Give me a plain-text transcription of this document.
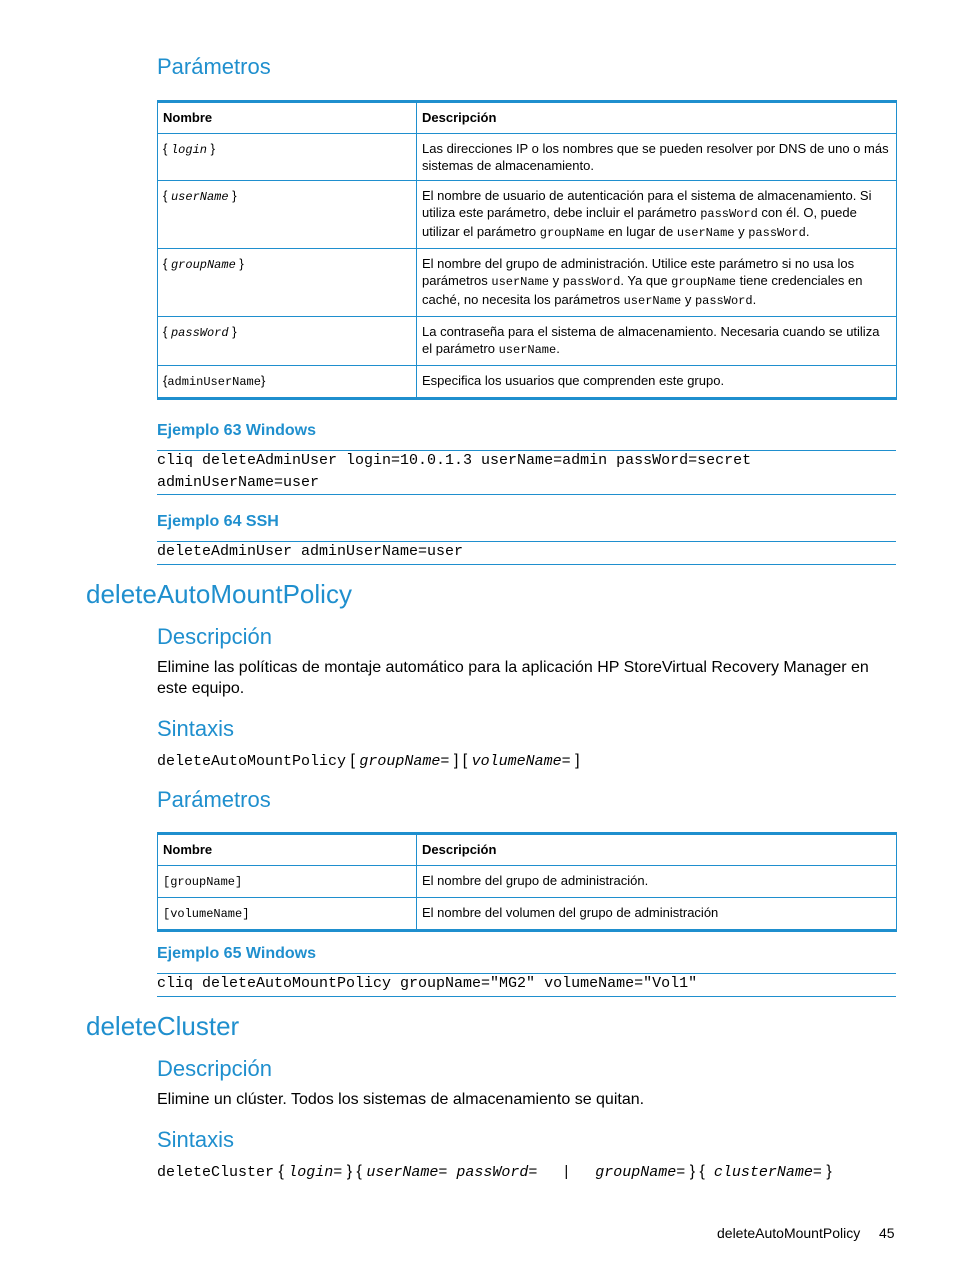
Parámetros
Nombre	Descripción
{ login }	Las direcciones IP o los nombres que se pueden resolver por DNS de uno o más sistemas de almacenamiento.
{ userName }	El nombre de usuario de autenticación para el sistema de almacenamiento. Si utiliza este parámetro, debe incluir el parámetro passWord con él. O, puede utilizar el parámetro groupName en lugar de userName y passWord.
{ groupName }	El nombre del grupo de administración. Utilice este parámetro si no usa los parámetros userName y passWord. Ya que groupName tiene credenciales en caché, no necesita los parámetros userName y passWord.
{ passWord }	La contraseña para el sistema de almacenamiento. Necesaria cuando se utiliza el parámetro userName.
{adminUserName}	Especifica los usuarios que comprenden este grupo.
Ejemplo 63 Windows
cliq deleteAdminUser login=10.0.1.3 userName=admin passWord=secret
adminUserName=user
Ejemplo 64 SSH
deleteAdminUser adminUserName=user
deleteAutoMountPolicy
Descripción
Elimine las políticas de montaje automático para la aplicación HP StoreVirtual Recovery Manager en este equipo.
Sintaxis
deleteAutoMountPolicy [ groupName= ] [ volumeName= ]
Parámetros
Nombre	Descripción
[groupName]	El nombre del grupo de administración.
[volumeName]	El nombre del volumen del grupo de administración
Ejemplo 65 Windows
cliq deleteAutoMountPolicy groupName="MG2" volumeName="Vol1"
deleteCluster
Descripción
Elimine un clúster. Todos los sistemas de almacenamiento se quitan.
Sintaxis
deleteCluster { login= } { userName= passWord= | groupName= } { clusterName= }
deleteAutoMountPolicy 45
